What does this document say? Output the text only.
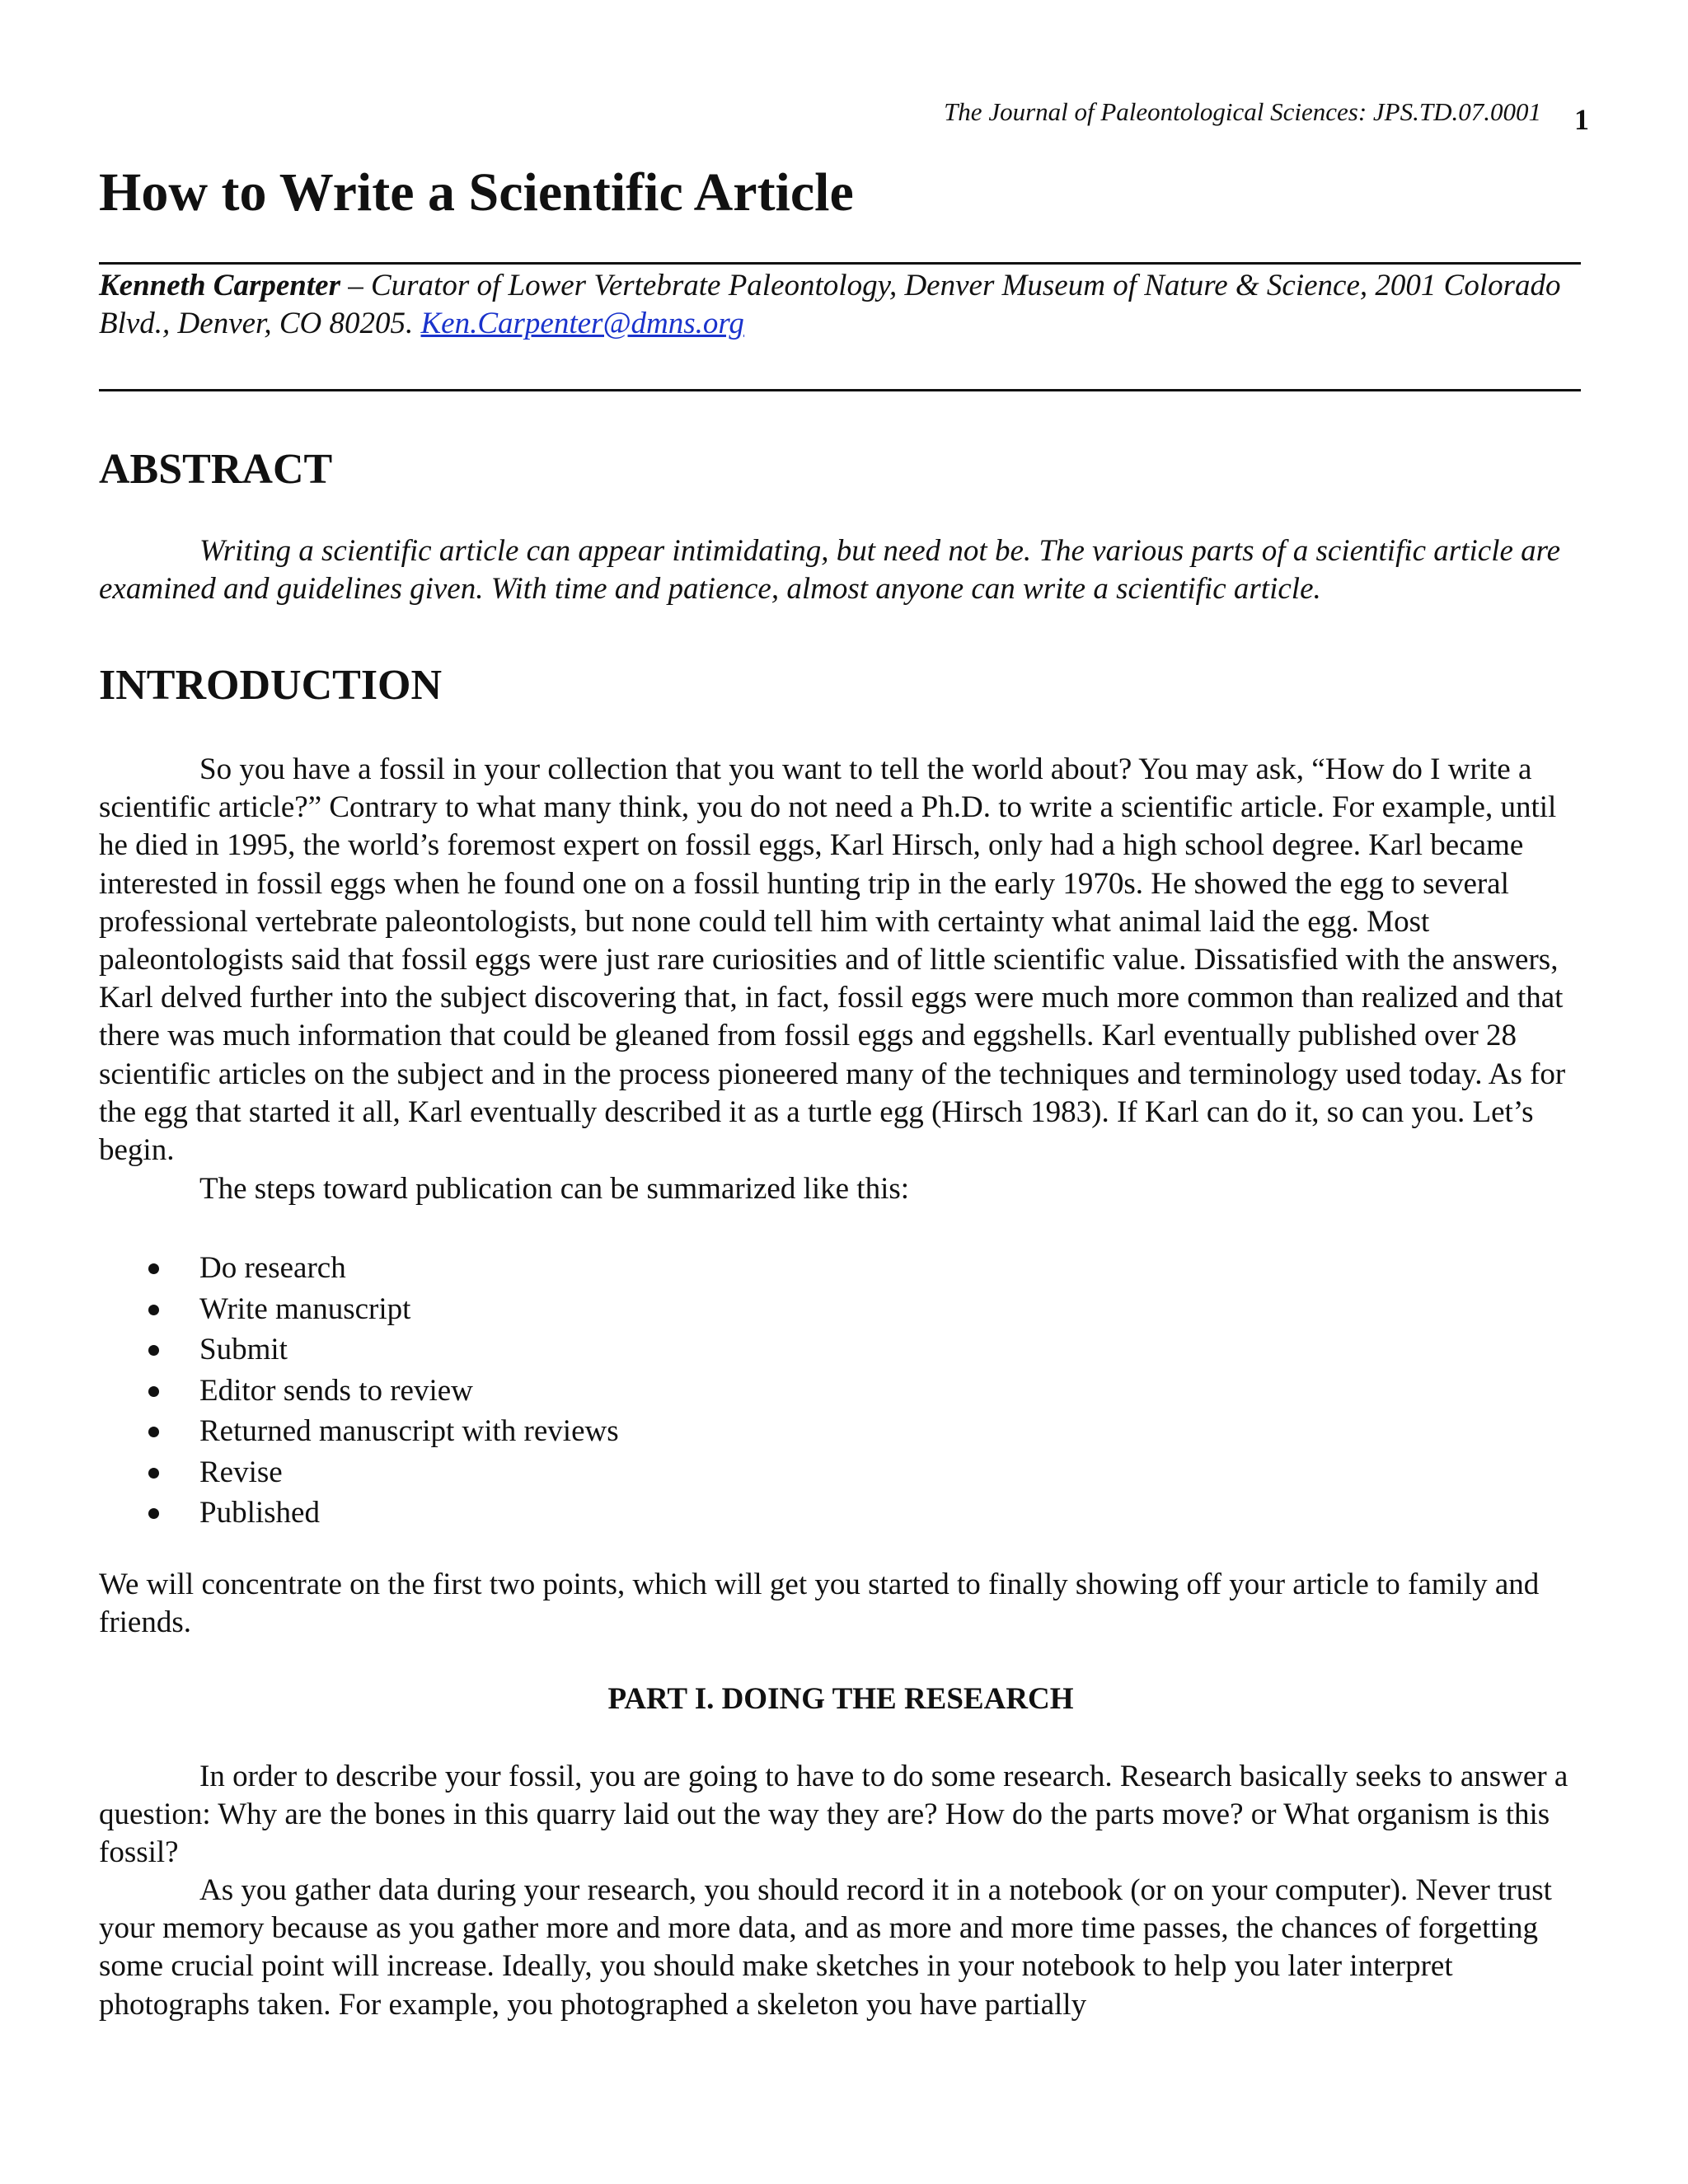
The Journal of Paleontological Sciences: JPS.TD.07.0001	1
How to Write a Scientific Article
Kenneth Carpenter – Curator of Lower Vertebrate Paleontology, Denver Museum of Nature & Science, 2001 Colorado Blvd., Denver, CO 80205. Ken.Carpenter@dmns.org
ABSTRACT

Writing a scientific article can appear intimidating, but need not be. The various parts of a scientific article are examined and guidelines given. With time and patience, almost anyone can write a scientific article.

INTRODUCTION

So you have a fossil in your collection that you want to tell the world about? You may ask, “How do I write a scientific article?” Contrary to what many think, you do not need a Ph.D. to write a scientific article. For example, until he died in 1995, the world’s foremost expert on fossil eggs, Karl Hirsch, only had a high school degree. Karl became interested in fossil eggs when he found one on a fossil hunting trip in the early 1970s. He showed the egg to several professional vertebrate paleontologists, but none could tell him with certainty what animal laid the egg. Most paleontologists said that fossil eggs were just rare curiosities and of little scientific value. Dissatisfied with the answers, Karl delved further into the subject discovering that, in fact, fossil eggs were much more common than realized and that there was much information that could be gleaned from fossil eggs and eggshells. Karl eventually published over 28 scientific articles on the subject and in the process pioneered many of the techniques and terminology used today. As for the egg that started it all, Karl eventually described it as a turtle egg (Hirsch 1983). If Karl can do it, so can you. Let’s begin.

The steps toward publication can be summarized like this:

Do research
Write manuscript
Submit
Editor sends to review
Returned manuscript with reviews
Revise
Published

We will concentrate on the first two points, which will get you started to finally showing off your article to family and friends.

PART I. DOING THE RESEARCH

In order to describe your fossil, you are going to have to do some research. Research basically seeks to answer a question: Why are the bones in this quarry laid out the way they are? How do the parts move? or What organism is this fossil?

As you gather data during your research, you should record it in a notebook (or on your computer). Never trust your memory because as you gather more and more data, and as more and more time passes, the chances of forgetting some crucial point will increase. Ideally, you should make sketches in your notebook to help you later interpret photographs taken. For example, you photographed a skeleton you have partially
